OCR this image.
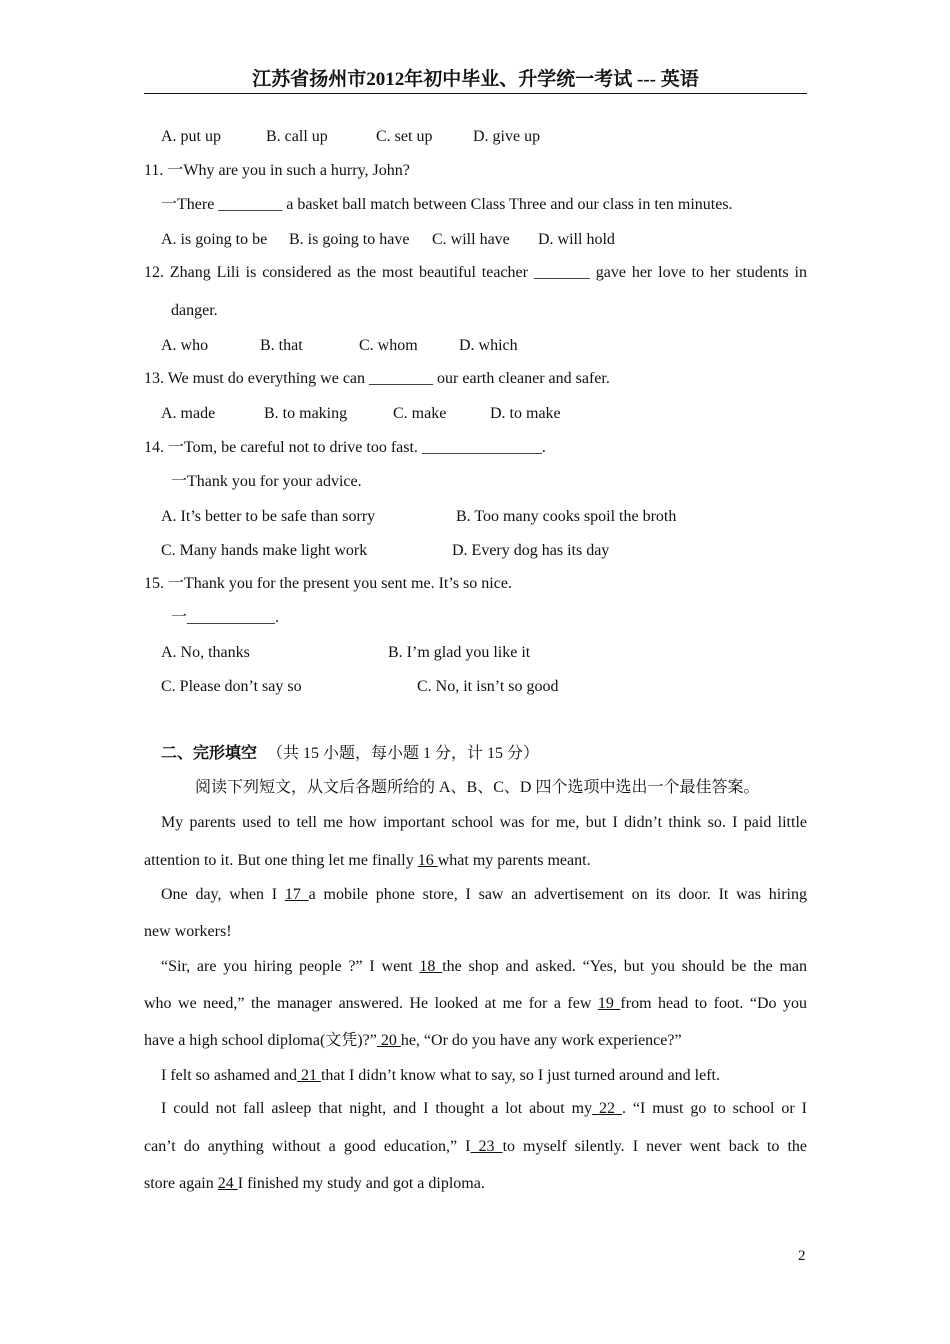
江苏省扬州市2012年初中毕业、升学统一考试 --- 英语
A. put up	B. call up	C. set up	D. give up
11. 一Why are you in such a hurry, John?
一There ________ a basket ball match between Class Three and our class in ten minutes.
A. is going to be B. is going to have C. will have D. will hold
12. Zhang Lili is considered as the most beautiful teacher _______ gave her love to her students in
danger.
A. who	B. that	C. whom	D. which
13. We must do everything we can ________ our earth cleaner and safer.
A. made	B. to making	C. make	D. to make
14. 一Tom, be careful not to drive too fast. _______________.
一Thank you for your advice.
A. It’s better to be safe than sorry	B. Too many cooks spoil the broth
C. Many hands make light work	D. Every dog has its day
15. 一Thank you for the present you sent me. It’s so nice.
一___________.
A. No, thanks	B. I’m glad you like it
C. Please don’t say so	C. No, it isn’t so good
二、完形填空 （共 15 小题，每小题 1 分，计 15 分）
阅读下列短文，从文后各题所给的 A、B、C、D 四个选项中选出一个最佳答案。
My parents used to tell me how important school was for me, but I didn’t think so. I paid little
attention to it. But one thing let me finally 16 what my parents meant.
One day, when I 17 a mobile phone store, I saw an advertisement on its door. It was hiring
new workers!
“Sir, are you hiring people ?” I went 18 the shop and asked. “Yes, but you should be the man
who we need,” the manager answered. He looked at me for a few 19 from head to foot. “Do you
have a high school diploma(文凭)?” 20 he, “Or do you have any work experience?”
I felt so ashamed and 21 that I didn’t know what to say, so I just turned around and left.
I could not fall asleep that night, and I thought a lot about my 22 . “I must go to school or I
can’t do anything without a good education,” I 23 to myself silently. I never went back to the
store again 24 I finished my study and got a diploma.
2
